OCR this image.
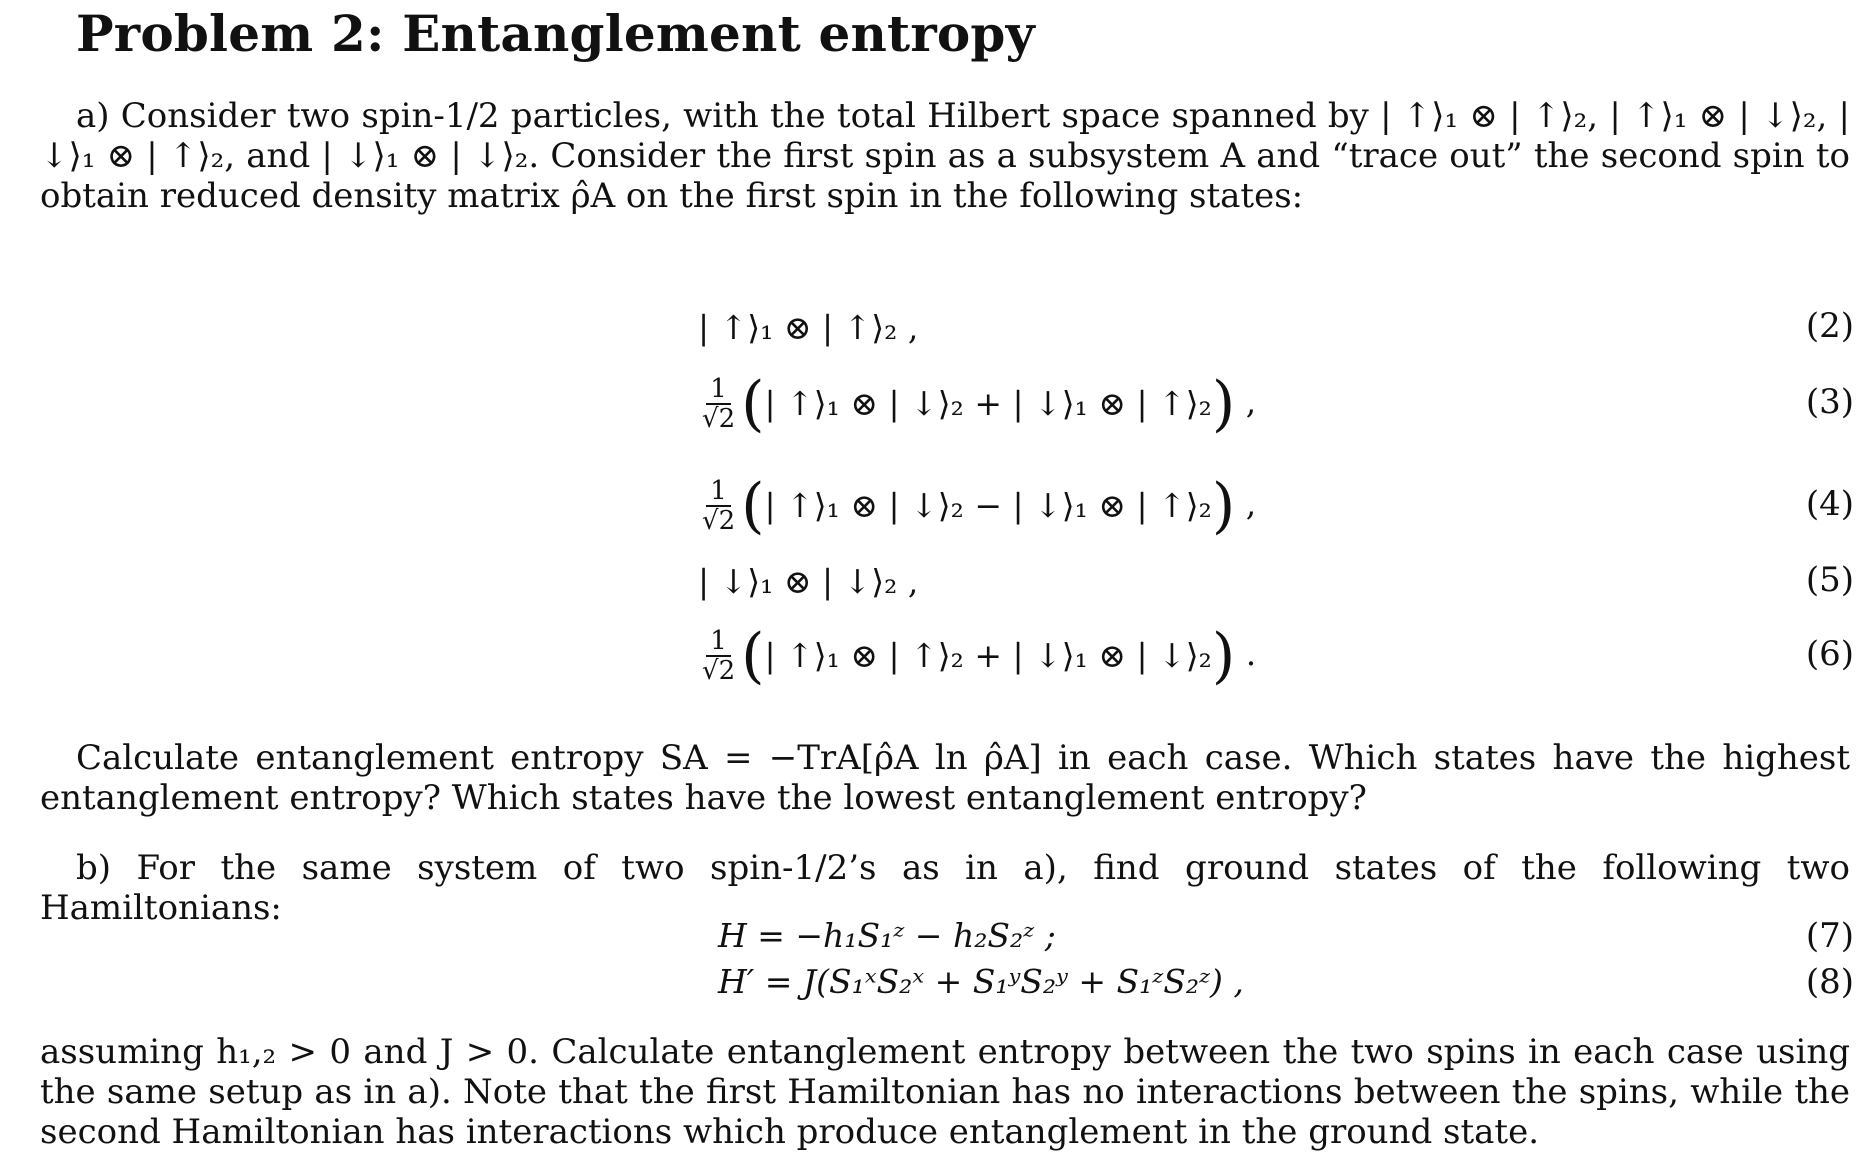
Problem 2: Entanglement entropy
a) Consider two spin-1/2 particles, with the total Hilbert space spanned by | ↑⟩₁ ⊗ | ↑⟩₂, | ↑⟩₁ ⊗ | ↓⟩₂, | ↓⟩₁ ⊗ | ↑⟩₂, and | ↓⟩₁ ⊗ | ↓⟩₂. Consider the first spin as a subsystem A and “trace out” the second spin to obtain reduced density matrix ρ̂A on the first spin in the following states:
| ↑⟩₁ ⊗ | ↑⟩₂ ,	(2)
$\frac{1}{√2}$ (| ↑⟩₁ ⊗ | ↓⟩₂ + | ↓⟩₁ ⊗ | ↑⟩₂) ,	(3)
$\frac{1}{√2}$ (| ↑⟩₁ ⊗ | ↓⟩₂ − | ↓⟩₁ ⊗ | ↑⟩₂) ,	(4)
| ↓⟩₁ ⊗ | ↓⟩₂ ,	(5)
$\frac{1}{√2}$ (| ↑⟩₁ ⊗ | ↑⟩₂ + | ↓⟩₁ ⊗ | ↓⟩₂) .	(6)
Calculate entanglement entropy SA = −TrA[ρ̂A ln ρ̂A] in each case. Which states have the highest entanglement entropy? Which states have the lowest entanglement entropy?
b) For the same system of two spin-1/2’s as in a), find ground states of the following two Hamiltonians:
H = −h₁S₁ᶻ − h₂S₂ᶻ ;	(7)
H′ = J(S₁ˣS₂ˣ + S₁ʸS₂ʸ + S₁ᶻS₂ᶻ) ,	(8)
assuming h₁,₂ > 0 and J > 0. Calculate entanglement entropy between the two spins in each case using the same setup as in a). Note that the first Hamiltonian has no interactions between the spins, while the second Hamiltonian has interactions which produce entanglement in the ground state.
